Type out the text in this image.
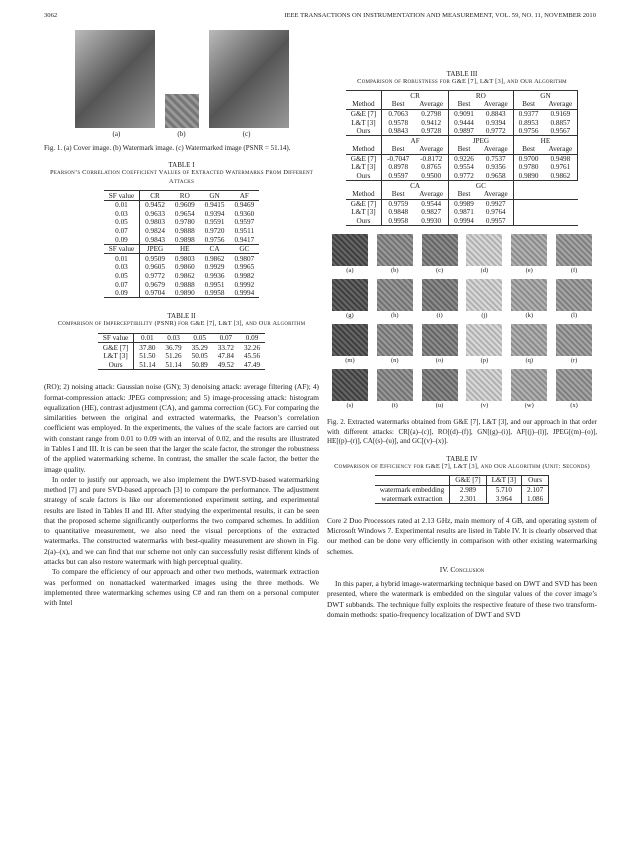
3062	IEEE TRANSACTIONS ON INSTRUMENTATION AND MEASUREMENT, VOL. 59, NO. 11, NOVEMBER 2010
(a)	(b)	(c)
Fig. 1. (a) Cover image. (b) Watermark image. (c) Watermarked image (PSNR = 51.14).
TABLE I
Pearson’s Correlation Coefficient Values of Extracted Watermarks From Different Attacks
SF value	CR	RO	GN	AF
0.01	0.9452	0.9609	0.9415	0.9469
0.03	0.9633	0.9654	0.9394	0.9360
0.05	0.9803	0.9780	0.9591	0.9597
0.07	0.9824	0.9888	0.9720	0.9511
0.09	0.9843	0.9898	0.9756	0.9417
SF value	JPEG	HE	CA	GC
0.01	0.9509	0.9803	0.9862	0.9807
0.03	0.9605	0.9860	0.9929	0.9965
0.05	0.9772	0.9862	0.9936	0.9982
0.07	0.9679	0.9888	0.9951	0.9992
0.09	0.9704	0.9890	0.9958	0.9994
TABLE II
Comparison of Imperceptibility (PSNR) for G&E [7], L&T [3], and Our Algorithm
SF value	0.01	0.03	0.05	0.07	0.09
G&E [7]	37.80	36.79	35.29	33.72	32.26
L&T [3]	51.50	51.26	50.05	47.84	45.56
Ours	51.14	51.14	50.89	49.52	47.49

(RO); 2) noising attack: Gaussian noise (GN); 3) denoising attack: average filtering (AF); 4) format-compression attack: JPEG compression; and 5) image-processing attack: histogram equalization (HE), contrast adjustment (CA), and gamma correction (GC). For comparing the similarities between the original and extracted watermarks, the Pearson’s correlation coefficient was employed. In the experiments, the values of the scale factors are carried out with constant range from 0.01 to 0.09 with an interval of 0.02, and the results are illustrated in Tables I and III. It is can be seen that the larger the scale factor, the stronger the robustness of the applied watermarking scheme. In contrast, the smaller the scale factor, the better the image quality.

In order to justify our approach, we also implement the DWT-SVD-based watermarking method [7] and pure SVD-based approach [3] to compare the performance. The adjustment strategy of scale factors is like our aforementioned experiment setting, and experimental results are listed in Tables II and III. After studying the experimental results, it can be seen that the proposed scheme significantly outperforms the two compared schemes. In addition to quantitative measurement, we also need the visual perceptions of the extracted watermarks. The constructed watermarks with best-quality measurement are shown in Fig. 2(a)–(x), and we can find that our scheme not only can successfully resist different kinds of attacks but can also restore watermark with high perceptual quality.

To compare the efficiency of our approach and other two methods, watermark extraction was performed on nonattacked watermarked images using the three methods. We implemented three watermarking schemes using C# and ran them on a personal computer with Intel

TABLE III
Comparison of Robustness for G&E [7], L&T [3], and Our Algorithm
	CR		RO		GN	
Method	Best	Average	Best	Average	Best	Average
G&E [7]	0.7063	0.2798	0.9091	0.8843	0.9377	0.9169
L&T [3]	0.9578	0.9412	0.9444	0.9394	0.8953	0.8857
Ours	0.9843	0.9728	0.9897	0.9772	0.9756	0.9567
	AF		JPEG		HE	
Method	Best	Average	Best	Average	Best	Average
G&E [7]	-0.7047	-0.8172	0.9226	0.7537	0.9700	0.9498
L&T [3]	0.8978	0.8765	0.9554	0.9356	0.9780	0.9761
Ours	0.9597	0.9500	0.9772	0.9658	0.9890	0.9862
	CA		GC			
Method	Best	Average	Best	Average		
G&E [7]	0.9759	0.9544	0.9989	0.9927		
L&T [3]	0.9848	0.9827	0.9871	0.9764		
Ours	0.9958	0.9930	0.9994	0.9957		
(a)	(b)	(c)	(d)	(e)	(f)
(g)	(h)	(i)	(j)	(k)	(l)
(m)	(n)	(o)	(p)	(q)	(r)
(s)	(t)	(u)	(v)	(w)	(x)
Fig. 2. Extracted watermarks obtained from G&E [7], L&T [3], and our approach in that order with different attacks: CR[(a)–(c)], RO[(d)–(f)], GN[(g)–(i)], AF[(j)–(l)], JPEG[(m)–(o)], HE[(p)–(r)], CA[(s)–(u)], and GC[(v)–(x)].
TABLE IV
Comparison of Efficiency for G&E [7], L&T [3], and Our Algorithm (Unit: Seconds)
	G&E [7]	L&T [3]	Ours
watermark embedding	2.989	5.710	2.107
watermark extraction	2.301	3.964	1.086

Core 2 Duo Processors rated at 2.13 GHz, main memory of 4 GB, and operating system of Microsoft Windows 7. Experimental results are listed in Table IV. It is clearly observed that our method can be done very efficiently in comparison with other existing watermarking schemes.

IV. Conclusion

In this paper, a hybrid image-watermarking technique based on DWT and SVD has been presented, where the watermark is embedded on the singular values of the cover image’s DWT subbands. The technique fully exploits the respective feature of these two transform-domain methods: spatio-frequency localization of DWT and SVD
